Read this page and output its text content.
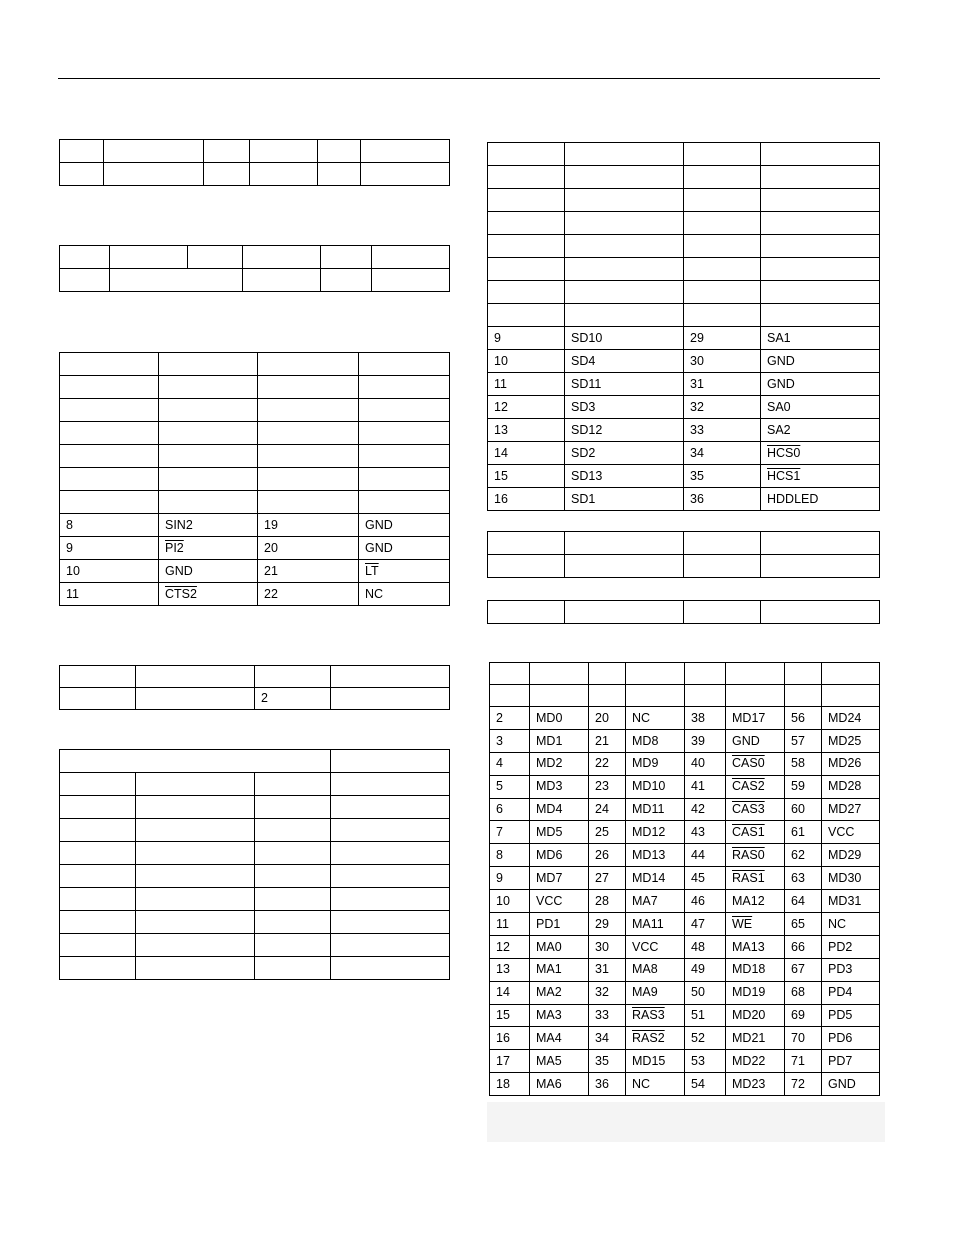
8	SIN2	19	GND
9	PI2	20	GND
10	GND	21	$\overline{LT}$
11	CTS2	22	NC

		2	

9	SD10	29	SA1
10	SD4	30	GND
11	SD11	31	GND
12	SD3	32	SA0
13	SD12	33	SA2
14	SD2	34	HCS0
15	SD13	35	HCS1
16	SD1	36	HDDLED

2	MD0	20	NC	38	MD17	56	MD24
3	MD1	21	MD8	39	GND	57	MD25
4	MD2	22	MD9	40	CAS0	58	MD26
5	MD3	23	MD10	41	CAS2	59	MD28
6	MD4	24	MD11	42	CAS3	60	MD27
7	MD5	25	MD12	43	CAS1	61	VCC
8	MD6	26	MD13	44	RAS0	62	MD29
9	MD7	27	MD14	45	RAS1	63	MD30
10	VCC	28	MA7	46	MA12	64	MD31
11	PD1	29	MA11	47	$\overline{WE}$	65	NC
12	MA0	30	VCC	48	MA13	66	PD2
13	MA1	31	MA8	49	MD18	67	PD3
14	MA2	32	MA9	50	MD19	68	PD4
15	MA3	33	RAS3	51	MD20	69	PD5
16	MA4	34	RAS2	52	MD21	70	PD6
17	MA5	35	MD15	53	MD22	71	PD7
18	MA6	36	NC	54	MD23	72	GND
